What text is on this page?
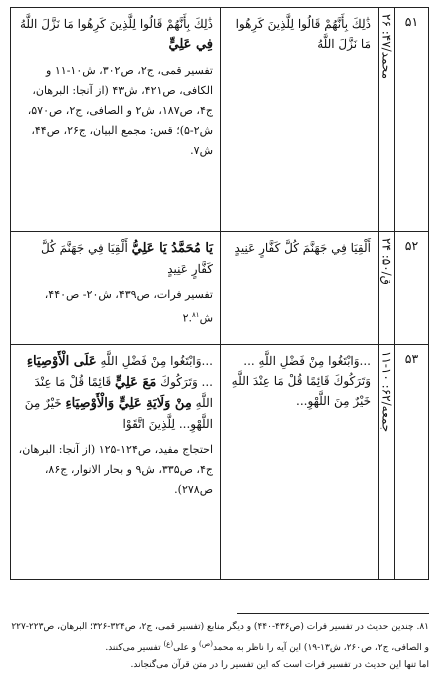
۵۱	محمد/۴۷: ۲۶	ذَٰلِكَ بِأَنَّهُمْ قَالُوا لِلَّذِينَ كَرِهُوا مَا نَزَّلَ اللَّهُ	ذَٰلِكَ بِأَنَّهُمْ قَالُوا لِلَّذِينَ كَرِهُوا مَا نَزَّلَ اللَّهُ فِي عَلِيٍّ
تفسیر قمی، ج۲، ص۳۰۲، ش۱۰-۱۱ و الکافی، ص۴۲۱، ش۴۳ (از آنجا: البرهان، ج۴، ص۱۸۷، ش۲ و الصافی، ج۲، ص۵۷۰، ش۲-۵)؛ قس: مجمع البیان، ج۲۶، ص۴۴، ش۷.

۵۲	ق/۵۰: ۲۴	أَلْقِيَا فِي جَهَنَّمَ كُلَّ كَفَّارٍ عَنِيدٍ	يَا مُحَمَّدُ يَا عَلِيُّ أَلْقِيَا فِي جَهَنَّمَ كُلَّ كَفَّارٍ عَنِيدٍ
تفسیر فرات، ص۴۳۹، ش۲۰- ص۴۴۰، ش۲.۸۱

۵۳	جمعه/۶۲: ۱۰-۱۱	...وَابْتَغُوا مِنْ فَضْلِ اللَّهِ ... وَتَرَكُوكَ قَائِمًا قُلْ مَا عِنْدَ اللَّهِ خَيْرٌ مِنَ اللَّهْوِ...	...وَابْتَغُوا مِنْ فَضْلِ اللَّهِ عَلَى الْأَوْصِيَاءِ ... وَتَرَكُوكَ مَعَ عَلِيٍّ قَائِمًا قُلْ مَا عِنْدَ اللَّهِ مِنْ وَلَايَةِ عَلِيٍّ وَالْأَوْصِيَاءِ خَيْرٌ مِنَ اللَّهْوِ... لِلَّذِينَ اتَّقَوْا
احتجاج مفید، ص۱۲۴-۱۲۵ (از آنجا: البرهان، ج۴، ص۳۳۵، ش۹ و بحار الانوار، ج۸۶، ص۲۷۸).
۸۱. چندین حدیث در تفسیر فرات (ص۴۳۶-۴۴۰) و دیگر منابع (تفسیر قمی، ج۲، ص۳۲۴-۳۲۶؛ البرهان، ص۲۲۳-۲۲۷ و الصافی، ج۲، ص۲۶۰، ش۱۳-۱۹) این آیه را ناظر به محمد$^{(ص)}$ و علی$^{(ع)}$ تفسیر می‌کنند.
اما تنها این حدیث در تفسیر فرات است که این تفسیر را در متن قرآن می‌گنجاند.
